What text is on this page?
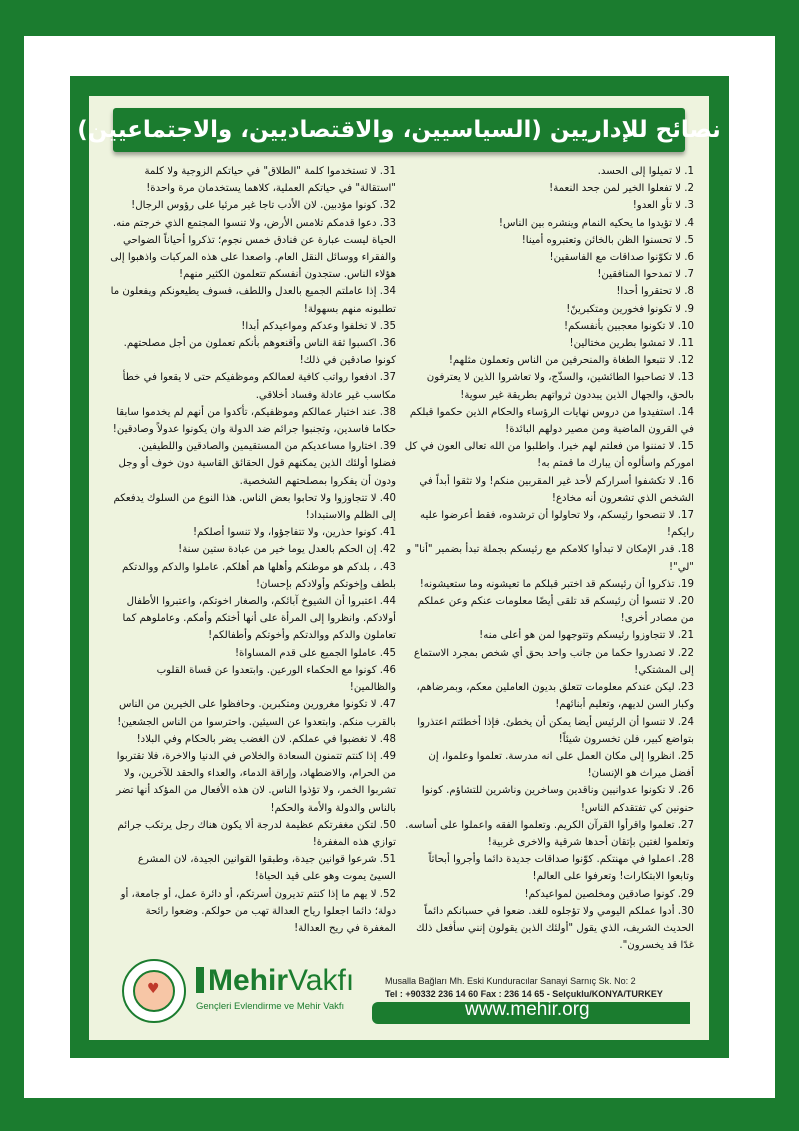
نصائح للإداريين (السياسيين، والاقتصاديين، والاجتماعيين)

1. لا تميلوا إلى الحسد.

2. لا تفعلوا الخير لمن جحد النعمة!

3. لا تأو العدو!

4. لا تؤيدوا ما يحكيه النمام وينشره بين الناس!

5. لا تحسنوا الظن بالخائن وتعتبروه أمينا!

6. لا تكوّنوا صداقات مع الفاسقين!

7. لا تمدحوا المنافقين!

8. لا تحتقروا أحدا!

9. لا تكونوا فخورين ومتكبرينً!

10. لا تكونوا معجبين بأنفسكم!

11. لا تمشوا بطرين مختالين!

12. لا تتبعوا الطغاة والمنحرفين من الناس وتعملون مثلهم!

13. لا تصاحبوا الطائشين، والسذّج، ولا تعاشروا الذين لا يعترفون بالحق، والجهال الذين يبددون ثرواتهم بطريقة غير سوية!

14. استفيدوا من دروس نهايات الرؤساء والحكام الذين حكموا قبلكم في القرون الماضية ومن مصير دولهم البائدة!

15. لا تمننوا من فعلتم لهم خيرا. واطلبوا من الله تعالى العون في كل اموركم واسألوه أن يبارك ما قمتم به!

16. لا تكشفوا أسراركم لأحد غير المقربين منكم! ولا تثقوا أبداً في الشخص الذي تشعرون أنه مخادع!

17. لا تنصحوا رئيسكم، ولا تحاولوا أن ترشدوه، فقط أعرضوا عليه رايكم!

18. قدر الإمكان لا تبدأوا كلامكم مع رئيسكم بجملة تبدأ بضمير "أنا" و "لي"!

19. تذكروا أن رئيسكم قد اختبر قبلكم ما تعيشونه وما ستعيشونه!

20. لا تنسوا أن رئيسكم قد تلقى أيضًا معلومات عنكم وعن عملكم من مصادر أخرى!

21. لا تتجاوزوا رئيسكم وتتوجهوا لمن هو أعلى منه!

22. لا تصدروا حكما من جانب واحد بحق أي شخص بمجرد الاستماع إلى المشتكي!

23. ليكن عندكم معلومات تتعلق بديون العاملين معكم، وبمرضاهم، وكبار السن لديهم، وتعليم أبنائهم!

24. لا تنسوا أن الرئيس أيضا يمكن أن يخطئ. فإذا أخطئتم اعتذروا بتواضع كبير، فلن تخسرون شيئاً!

25. انظروا إلى مكان العمل على انه مدرسة. تعلموا وعلموا، إن أفضل ميراث هو الإنسان!

26. لا تكونوا عدوانيين وناقدين وساخرين وناشرين للتشاؤم. كونوا حنونين كي تفتقدكم الناس!

27. تعلموا واقرأوا القرآن الكريم. وتعلموا الفقه واعملوا على أساسه. وتعلموا لغتين بإتقان أحدها شرقية والاخرى غربية!

28. اعملوا في مهنتكم. كوّنوا صداقات جديدة دائما وأجروا أبحاثاً وتابعوا الابتكارات! وتعرفوا على العالم!

29. كونوا صادقين ومخلصين لمواعيدكم!

30. أدوا عملكم اليومي ولا تؤجلوه للغد. ضعوا في حسبانكم دائماً الحديث الشريف، الذي يقول "أولئك الذين يقولون إنني سأفعل ذلك غدًا قد يخسرون".

31. لا تستخدموا كلمة "الطلاق" في حياتكم الزوجية ولا كلمة "استقالة" في حياتكم العملية، كلاهما يستخدمان مرة واحدة!

32. كونوا مؤدبين. لان الأدب تاجا غير مرئيا على رؤوس الرجال!

33. دعوا قدمكم تلامس الأرض، ولا تنسوا المجتمع الذي خرجتم منه. الحياة ليست عبارة عن فنادق خمس نجوم؛ تذكروا أحياناً الضواحي والفقراء ووسائل النقل العام. واصعدا على هذه المركبات واذهبوا إلى هؤلاء الناس. ستجدون أنفسكم تتعلمون الكثير منهم!

34. إذا عاملتم الجميع بالعدل واللطف، فسوف يطيعونكم ويفعلون ما تطلبونه منهم بسهولة!

35. لا تخلفوا وعدكم ومواعيدكم أبدا!

36. اكسبوا ثقة الناس وأقنعوهم بأنكم تعملون من أجل مصلحتهم. كونوا صادقين في ذلك!

37. ادفعوا رواتب كافية لعمالكم وموظفيكم حتى لا يقعوا في خطأ مكاسب غير عادلة وفساد أخلاقي.

38. عند اختيار عمالكم وموظفيكم، تأكدوا من أنهم لم يخدموا سابقا حكاما فاسدين، وتجنبوا جرائم ضد الدولة وان يكونوا عدولاً وصادقين!

39. اختاروا مساعديكم من المستقيمين والصادقين واللطيفين. فضلوا أولئك الذين يمكنهم قول الحقائق القاسية دون خوف أو وجل ودون أن يفكروا بمصلحتهم الشخصية.

40. لا تتجاوزوا ولا تحابوا بعض الناس. هذا النوع من السلوك يدفعكم إلى الظلم والاستبداد!

41. كونوا حذرين، ولا تتفاجؤوا، ولا تنسوا أصلكم!

42. إن الحكم بالعدل يوما خير من عبادة ستين سنة!

43. ، بلدكم هو موطنكم وأهلها هم أهلكم. عاملوا والدكم ووالدتكم بلطف وإخوتكم وأولادكم بإحسان!

44. اعتبروا أن الشيوخ آبائكم، والصغار اخوتكم، واعتبروا الأطفال أولادكم. وانظروا إلى المرأة على أنها أختكم وأمكم. وعاملوهم كما تعاملون والدكم ووالدتكم وأخوتكم وأطفالكم!

45. عاملوا الجميع على قدم المساواة!

46. كونوا مع الحكماء الورعين. وابتعدوا عن قساة القلوب والظالمين!

47. لا تكونوا مغرورين ومتكبرين. وحافظوا على الخيرين من الناس بالقرب منكم. وابتعدوا عن السيئين. واحترسوا من الناس الجشعين!

48. لا تغضبوا في عملكم. لان الغضب يضر بالحكام وفي البلاد!

49. إذا كنتم تتمنون السعادة والخلاص في الدنيا والاخرة، فلا تقتربوا من الحرام، والاضطهاد، وإراقة الدماء، والعداء والحقد للآخرين، ولا تشربوا الخمر، ولا تؤذوا الناس. لان هذه الأفعال من المؤكد أنها تضر بالناس والدولة والأمة والحكم!

50. لتكن مغفرتكم عظيمة لدرجة ألا يكون هناك رجل يرتكب جرائم توازي هذه المغفرة!

51. شرعوا قوانين جيدة، وطبقوا القوانين الجيدة، لان المشرع السيئ يموت وهو على قيد الحياة!

52. لا يهم ما إذا كنتم تديرون أسرتكم، أو دائرة عمل، أو جامعة، أو دولة؛ دائما اجعلوا رياح العدالة تهب من حولكم. وضعوا رائحة المغفرة في ريح العدالة!

♥ MehirVakfı
Gençleri Evlendirme ve Mehir Vakfı
Musalla Bağları Mh. Eski Kunduracılar Sanayi Sarnıç Sk. No: 2
Tel : +90332 236 14 60 Fax : 236 14 65 - Selçuklu/KONYA/TURKEY
www.mehir.org
